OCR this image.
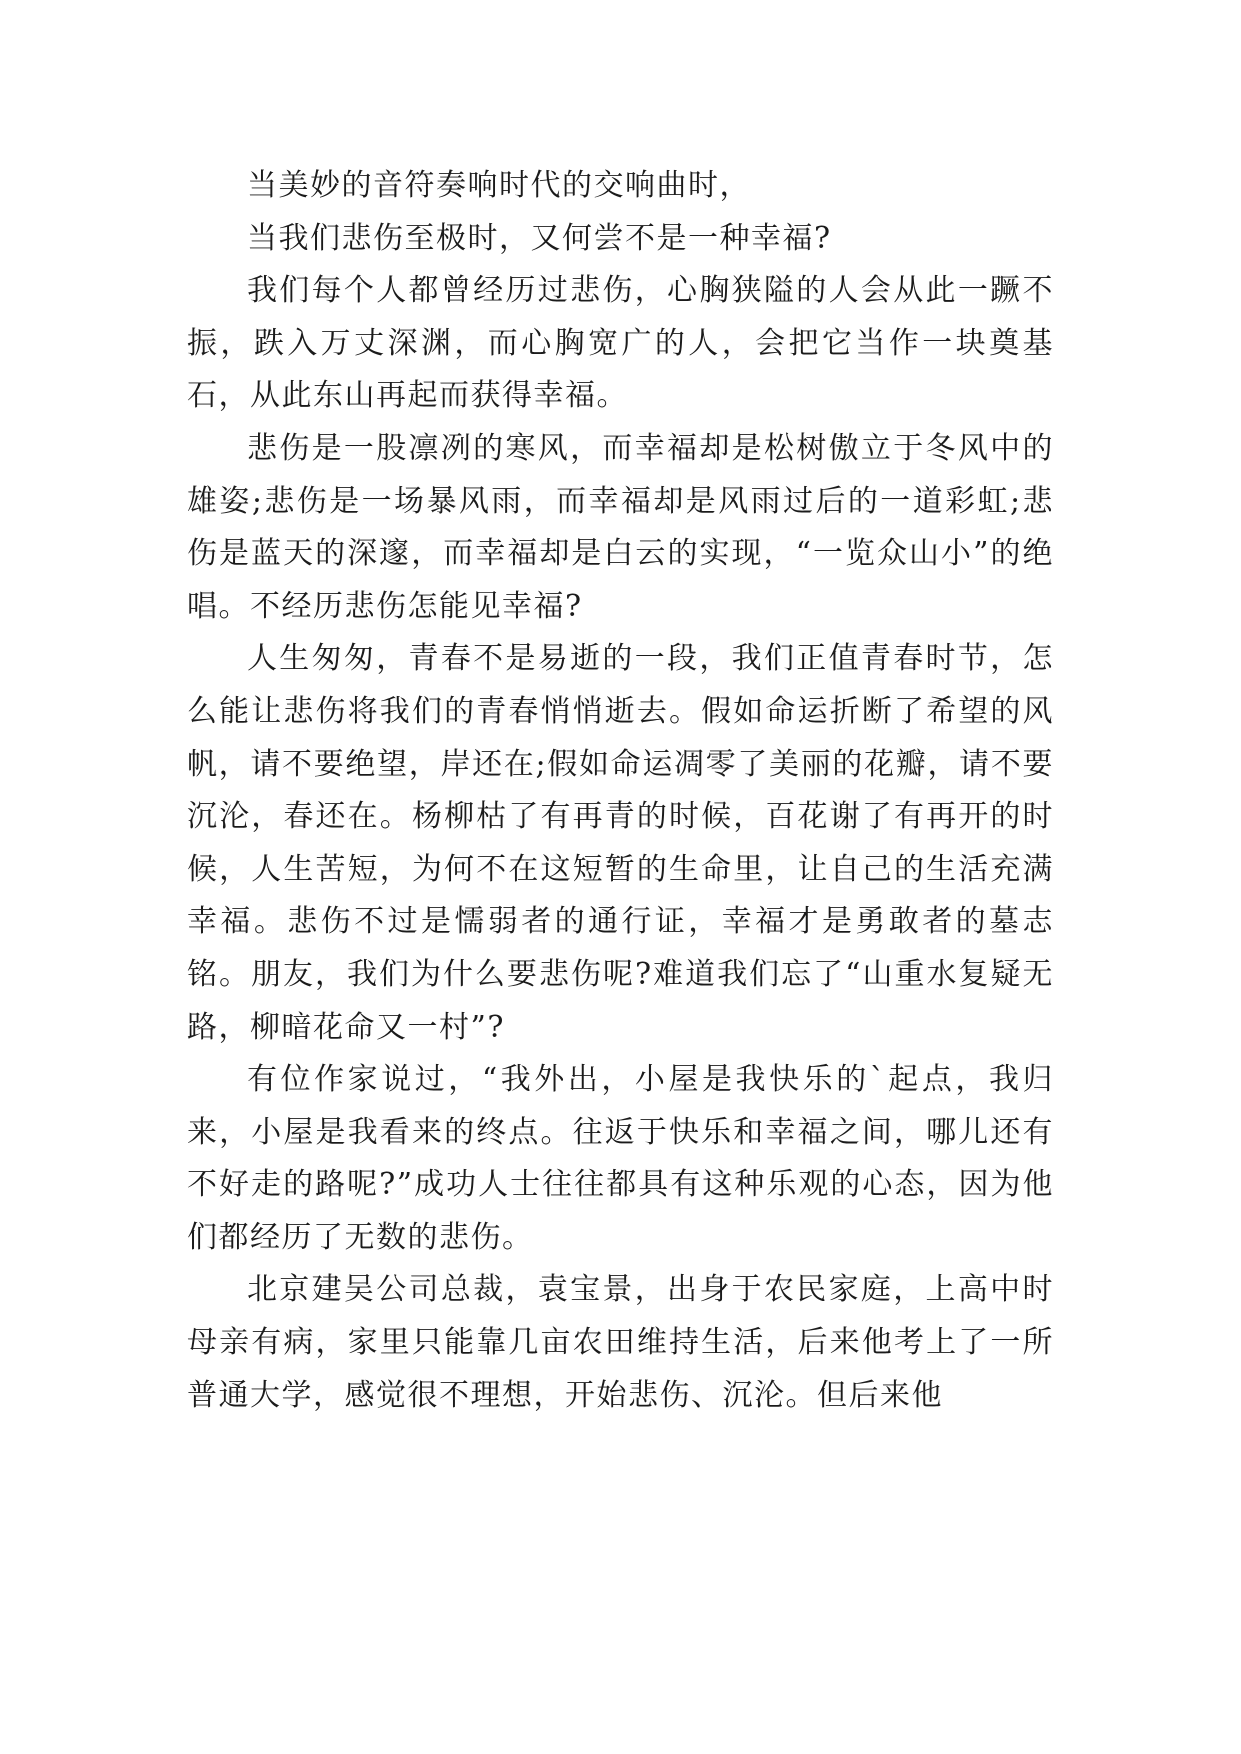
当美妙的音符奏响时代的交响曲时，

当我们悲伤至极时，又何尝不是一种幸福?

我们每个人都曾经历过悲伤，心胸狭隘的人会从此一蹶不振，跌入万丈深渊，而心胸宽广的人，会把它当作一块奠基石，从此东山再起而获得幸福。

悲伤是一股凛冽的寒风，而幸福却是松树傲立于冬风中的雄姿;悲伤是一场暴风雨，而幸福却是风雨过后的一道彩虹;悲伤是蓝天的深邃，而幸福却是白云的实现，“一览众山小”的绝唱。不经历悲伤怎能见幸福?

人生匆匆，青春不是易逝的一段，我们正值青春时节，怎么能让悲伤将我们的青春悄悄逝去。假如命运折断了希望的风帆，请不要绝望，岸还在;假如命运凋零了美丽的花瓣，请不要沉沦，春还在。杨柳枯了有再青的时候，百花谢了有再开的时候，人生苦短，为何不在这短暂的生命里，让自己的生活充满幸福。悲伤不过是懦弱者的通行证，幸福才是勇敢者的墓志铭。朋友，我们为什么要悲伤呢?难道我们忘了“山重水复疑无路，柳暗花命又一村”?

有位作家说过，“我外出，小屋是我快乐的`起点，我归来，小屋是我看来的终点。往返于快乐和幸福之间，哪儿还有不好走的路呢?”成功人士往往都具有这种乐观的心态，因为他们都经历了无数的悲伤。

北京建吴公司总裁，袁宝景，出身于农民家庭，上高中时母亲有病，家里只能靠几亩农田维持生活，后来他考上了一所普通大学，感觉很不理想，开始悲伤、沉沦。但后来他
